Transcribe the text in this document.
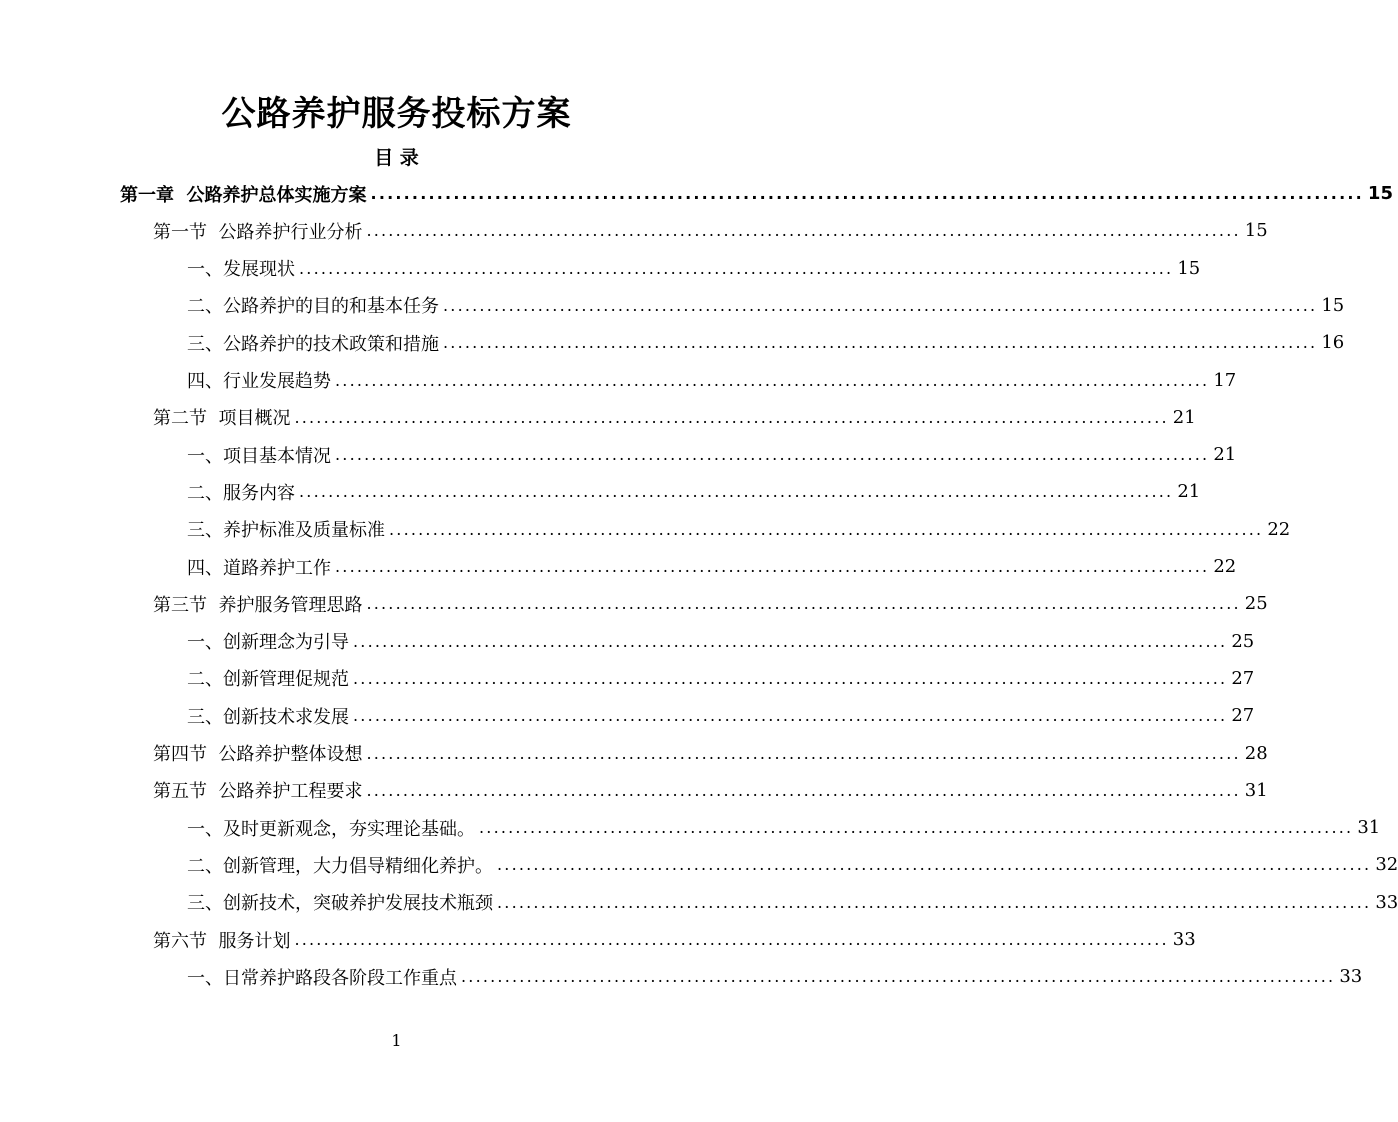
公路养护服务投标方案
目 录
第一章  公路养护总体实施方案 ........................................................................................................................ 15
第一节  公路养护行业分析 ........................................................................................................................ 15
一、发展现状 ........................................................................................................................ 15
二、公路养护的目的和基本任务 ........................................................................................................................ 15
三、公路养护的技术政策和措施 ........................................................................................................................ 16
四、行业发展趋势 ........................................................................................................................ 17
第二节  项目概况 ........................................................................................................................ 21
一、项目基本情况 ........................................................................................................................ 21
二、服务内容 ........................................................................................................................ 21
三、养护标准及质量标准 ........................................................................................................................ 22
四、道路养护工作 ........................................................................................................................ 22
第三节  养护服务管理思路 ........................................................................................................................ 25
一、创新理念为引导 ........................................................................................................................ 25
二、创新管理促规范 ........................................................................................................................ 27
三、创新技术求发展 ........................................................................................................................ 27
第四节  公路养护整体设想 ........................................................................................................................ 28
第五节  公路养护工程要求 ........................................................................................................................ 31
一、及时更新观念，夯实理论基础。 ........................................................................................................................ 31
二、创新管理，大力倡导精细化养护。 ........................................................................................................................ 32
三、创新技术，突破养护发展技术瓶颈 ........................................................................................................................ 33
第六节  服务计划 ........................................................................................................................ 33
一、日常养护路段各阶段工作重点 ........................................................................................................................ 33
1
